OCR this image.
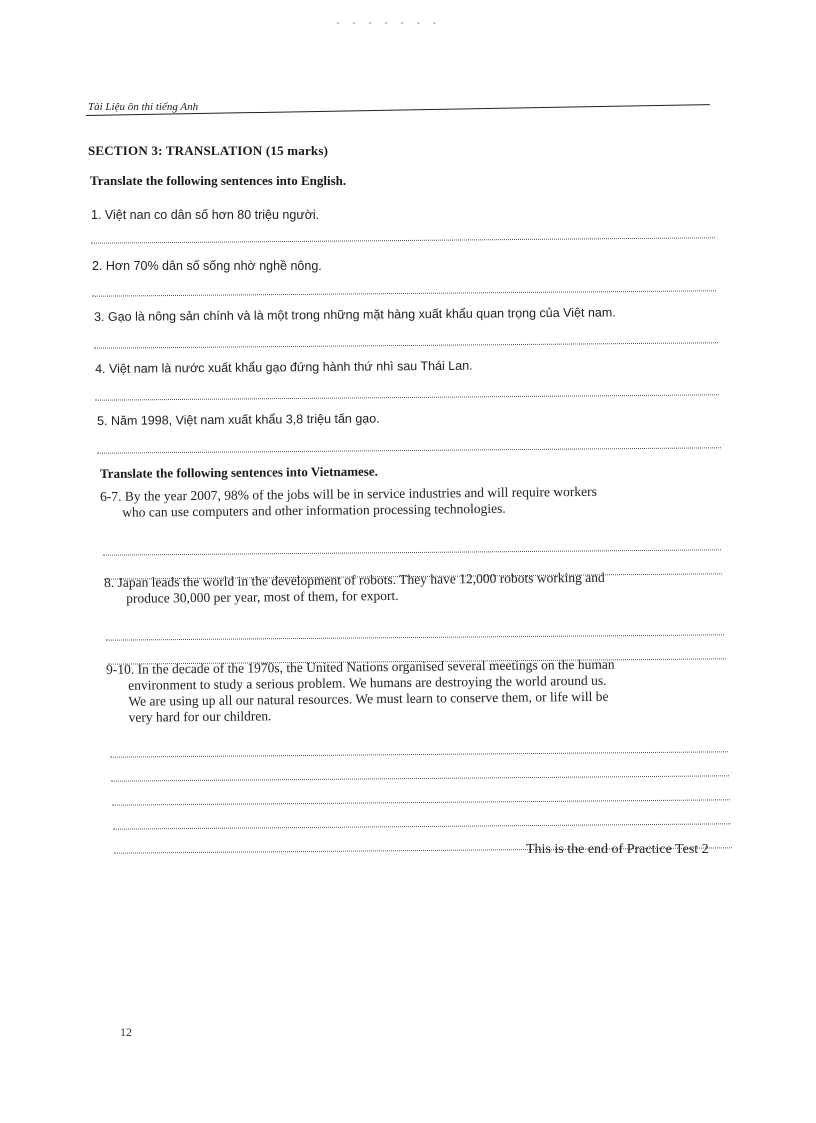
- - - - - - -
Tài Liệu ôn thi tiếng Anh
SECTION 3: TRANSLATION (15 marks)
Translate the following sentences into English.
1. Việt nan co dân số hơn 80 triệu người.
2. Hơn 70% dân số sống nhờ nghề nông.
3. Gạo là nông sản chính và là một trong những mặt hàng xuất khẩu quan trọng của Việt nam.
4. Việt nam là nước xuất khẩu gạo đứng hành thứ nhì sau Thái Lan.
5. Năm 1998, Việt nam xuất khẩu 3,8 triệu tấn gạo.
Translate the following sentences into Vietnamese.
6-7. By the year 2007, 98% of the jobs will be in service industries and will require workers
who can use computers and other information processing technologies.
8. Japan leads the world in the development of robots. They have 12,000 robots working and
produce 30,000 per year, most of them, for export.
9-10. In the decade of the 1970s, the United Nations organised several meetings on the human
environment to study a serious problem. We humans are destroying the world around us.
We are using up all our natural resources. We must learn to conserve them, or life will be
very hard for our children.
This is the end of Practice Test 2
12
